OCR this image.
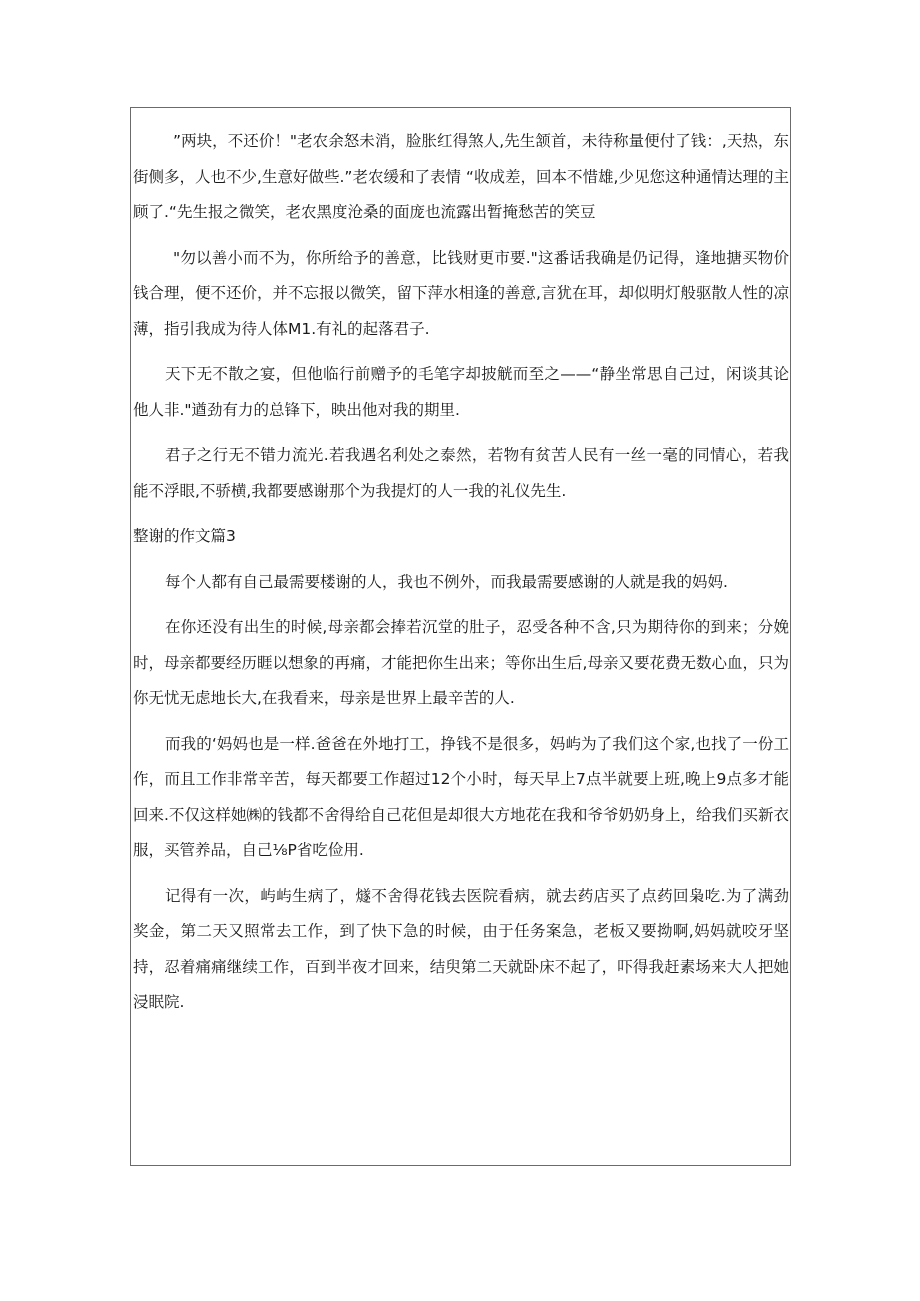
”两块，不还价！"老农余怒未消，脸胀红得煞人,先生颔首，未待称量便付了钱：,天热，东街侧多，人也不少,生意好做些.”老农缓和了表情 “收成差，回本不惜雄,少见您这种通情达理的主顾了.“先生报之微笑，老农黑度沧桑的面庞也流露出暂掩愁苦的笑豆

"勿以善小而不为，你所给予的善意，比钱财更市要."这番话我确是仍记得，逢地搪买物价钱合理，便不还价，并不忘报以微笑，留下萍水相逢的善意,言犹在耳，却似明灯般驱散人性的凉薄，指引我成为待人体M1.有礼的起落君子.

天下无不散之宴，但他临行前赠予的毛笔字却披觥而至之——“静坐常思自己过，闲谈其论他人非."遒劲有力的总锋下，映出他对我的期里.

君子之行无不错力流光.若我遇名利处之泰然，若物有贫苦人民有一丝一毫的同情心，若我能不浮眼,不骄横,我都要感谢那个为我提灯的人一我的礼仪先生.

整谢的作文篇3

每个人都有自己最需要楼谢的人，我也不例外，而我最需要感谢的人就是我的妈妈.

在你还没有出生的时候,母亲都会捧若沉堂的肚子，忍受各种不含,只为期待你的到来；分娩时，母亲都要经历睚以想象的再痛，才能把你生出来；等你出生后,母亲又要花费无数心血，只为你无忧无虑地长大,在我看来，母亲是世界上最辛苦的人.

而我的‘妈妈也是一样.爸爸在外地打工，挣钱不是很多，妈屿为了我们这个家,也找了一份工作，而且工作非常辛苦，每天都要工作超过12个小时，每天早上7点半就要上班,晚上9点多才能回来.不仅这样她㈱的钱都不舍得给自己花但是却很大方地花在我和爷爷奶奶身上，给我们买新衣服，买管养品，自己⅛P省吃俭用.

记得有一次，屿屿生病了，燧不舍得花钱去医院看病，就去药店买了点药回枭吃.为了满劲奖金，第二天又照常去工作，到了快下急的时候，由于任务案急，老板又要拗啊,妈妈就咬牙坚持，忍着痛痛继续工作，百到半夜才回来，结臾第二天就卧床不起了，吓得我赶素场来大人把她浸眠院.
